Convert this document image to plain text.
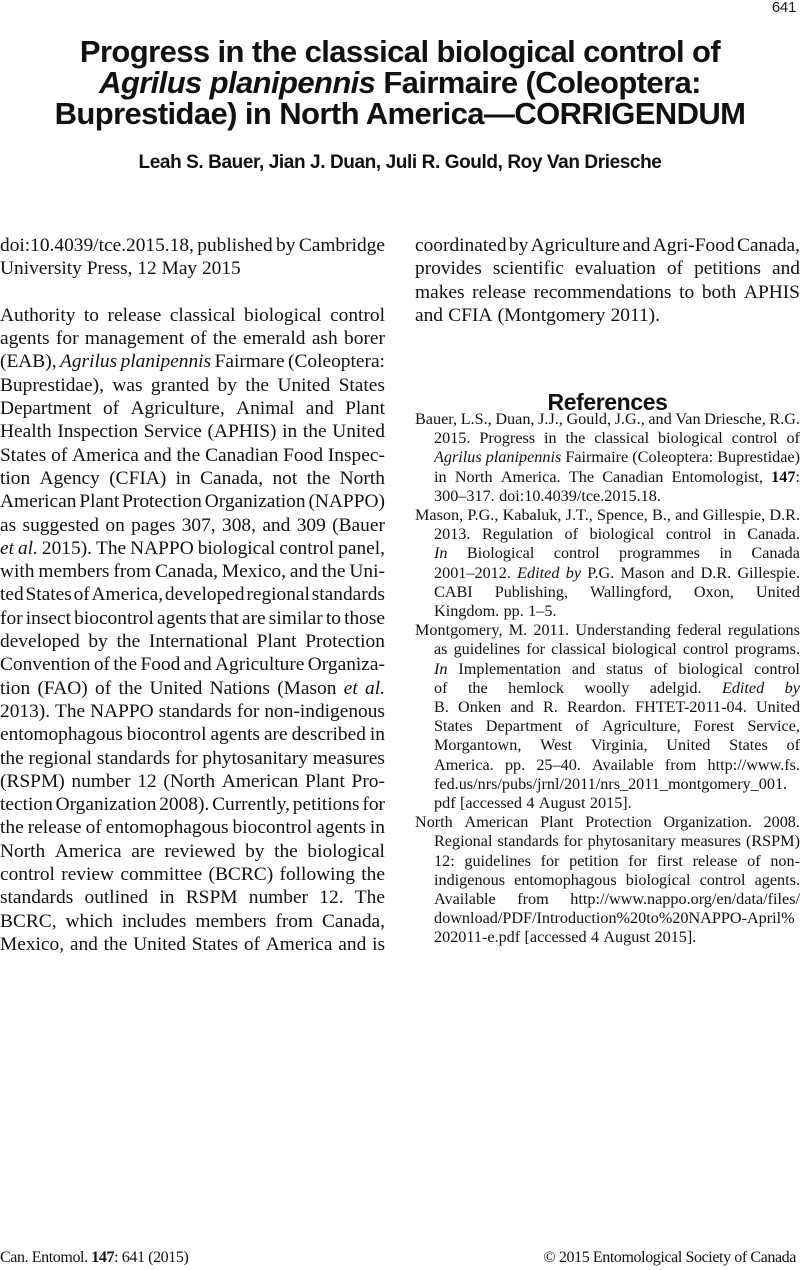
641
Progress in the classical biological control of
Agrilus planipennis Fairmaire (Coleoptera:
Buprestidae) in North America—CORRIGENDUM
Leah S. Bauer, Jian J. Duan, Juli R. Gould, Roy Van Driesche
doi:10.4039/tce.2015.18, published by Cambridge
University Press, 12 May 2015
Authority to release classical biological control
agents for management of the emerald ash borer
(EAB), Agrilus planipennis Fairmare (Coleoptera:
Buprestidae), was granted by the United States
Department of Agriculture, Animal and Plant
Health Inspection Service (APHIS) in the United
States of America and the Canadian Food Inspec-
tion Agency (CFIA) in Canada, not the North
American Plant Protection Organization (NAPPO)
as suggested on pages 307, 308, and 309 (Bauer
et al. 2015). The NAPPO biological control panel,
with members from Canada, Mexico, and the Uni-
ted States of America, developed regional standards
for insect biocontrol agents that are similar to those
developed by the International Plant Protection
Convention of the Food and Agriculture Organiza-
tion (FAO) of the United Nations (Mason et al.
2013). The NAPPO standards for non-indigenous
entomophagous biocontrol agents are described in
the regional standards for phytosanitary measures
(RSPM) number 12 (North American Plant Pro-
tection Organization 2008). Currently, petitions for
the release of entomophagous biocontrol agents in
North America are reviewed by the biological
control review committee (BCRC) following the
standards outlined in RSPM number 12. The
BCRC, which includes members from Canada,
Mexico, and the United States of America and is
coordinated by Agriculture and Agri-Food Canada,
provides scientific evaluation of petitions and
makes release recommendations to both APHIS
and CFIA (Montgomery 2011).
References
Bauer, L.S., Duan, J.J., Gould, J.G., and Van Driesche, R.G.
2015. Progress in the classical biological control of
Agrilus planipennis Fairmaire (Coleoptera: Buprestidae)
in North America. The Canadian Entomologist, 147:
300–317. doi:10.4039/tce.2015.18.
Mason, P.G., Kabaluk, J.T., Spence, B., and Gillespie, D.R.
2013. Regulation of biological control in Canada.
In Biological control programmes in Canada
2001–2012. Edited by P.G. Mason and D.R. Gillespie.
CABI Publishing, Wallingford, Oxon, United
Kingdom. pp. 1–5.
Montgomery, M. 2011. Understanding federal regulations
as guidelines for classical biological control programs.
In Implementation and status of biological control
of the hemlock woolly adelgid. Edited by
B. Onken and R. Reardon. FHTET-2011-04. United
States Department of Agriculture, Forest Service,
Morgantown, West Virginia, United States of
America. pp. 25–40. Available from http://www.fs.
fed.us/nrs/pubs/jrnl/2011/nrs_2011_montgomery_001.
pdf [accessed 4 August 2015].
North American Plant Protection Organization. 2008.
Regional standards for phytosanitary measures (RSPM)
12: guidelines for petition for first release of non-
indigenous entomophagous biological control agents.
Available from http://www.nappo.org/en/data/files/
download/PDF/Introduction%20to%20NAPPO-April%
202011-e.pdf [accessed 4 August 2015].
Can. Entomol. 147: 641 (2015)	© 2015 Entomological Society of Canada
